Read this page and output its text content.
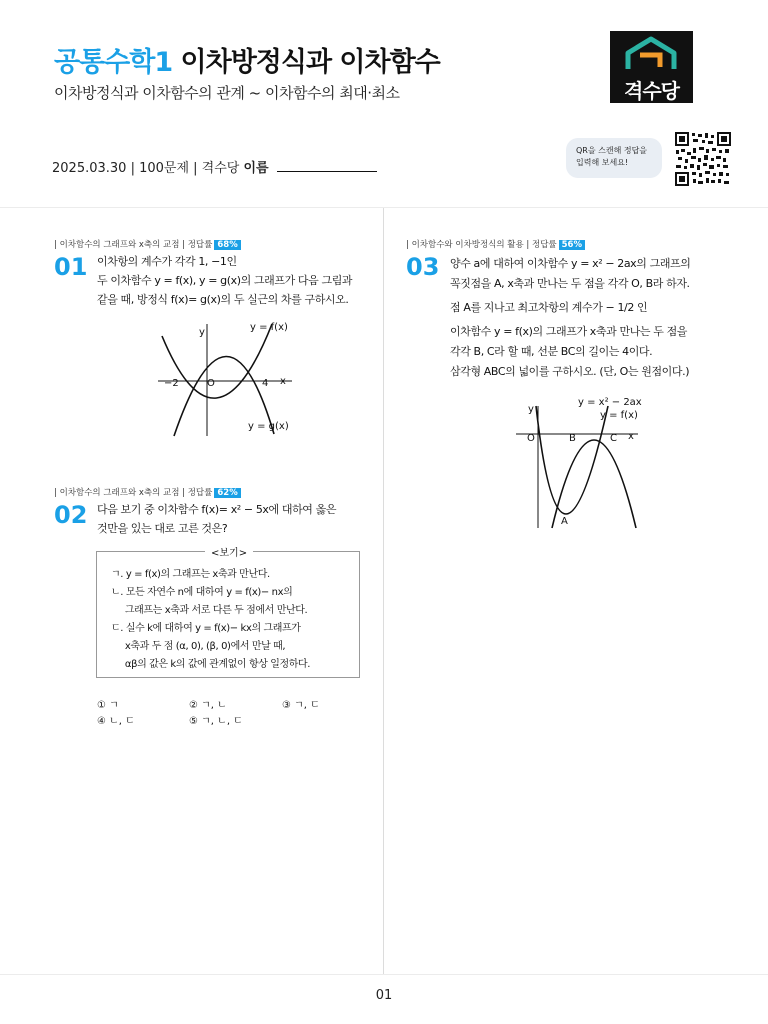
공통수학1 이차방정식과 이차함수
이차방정식과 이차함수의 관계 ~ 이차함수의 최대·최소	격수당
2025.03.30 | 100문제 | 격수당 이름
QR을 스캔해 정답을
입력해 보세요!
| 이차함수의 그래프와 x축의 교점 | 정답률 68%
01 이차항의 계수가 각각 1, −1인
두 이차함수 y = f(x), y = g(x)의 그래프가 다음 그림과
같을 때, 방정식 f(x)= g(x)의 두 실근의 차를 구하시오.
y = f(x)
y = g(x)
y
x
O
−2	4
| 이차함수의 그래프와 x축의 교점 | 정답률 62%
02 다음 보기 중 이차함수 f(x)= x² − 5x에 대하여 옳은
것만을 있는 대로 고른 것은?
<보기>
ㄱ. y = f(x)의 그래프는 x축과 만난다.
ㄴ. 모든 자연수 n에 대하여 y = f(x)− nx의
그래프는 x축과 서로 다른 두 점에서 만난다.
ㄷ. 실수 k에 대하여 y = f(x)− kx의 그래프가
x축과 두 점 (α, 0), (β, 0)에서 만날 때,
αβ의 값은 k의 값에 관계없이 항상 일정하다.
① ㄱ	② ㄱ, ㄴ	③ ㄱ, ㄷ
④ ㄴ, ㄷ	⑤ ㄱ, ㄴ, ㄷ
| 이차함수와 이차방정식의 활용 | 정답률 56%
03 양수 a에 대하여 이차함수 y = x² − 2ax의 그래프의
꼭짓점을 A, x축과 만나는 두 점을 각각 O, B라 하자.
점 A를 지나고 최고차항의 계수가 − 1/2 인
이차함수 y = f(x)의 그래프가 x축과 만나는 두 점을
각각 B, C라 할 때, 선분 BC의 길이는 4이다.
삼각형 ABC의 넓이를 구하시오. (단, O는 원점이다.)
y = x² − 2ax
y = f(x)
y
x
O	B	C
A
01
